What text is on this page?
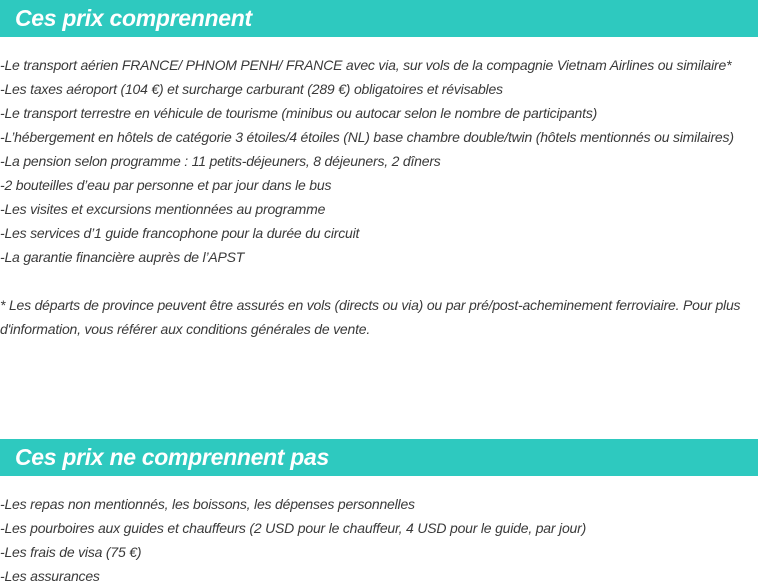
Ces prix comprennent
-Le transport aérien FRANCE/ PHNOM PENH/ FRANCE avec via, sur vols de la compagnie Vietnam Airlines ou similaire*
-Les taxes aéroport (104 €) et surcharge carburant (289 €) obligatoires et révisables
-Le transport terrestre en véhicule de tourisme (minibus ou autocar selon le nombre de participants)
-L’hébergement en hôtels de catégorie 3 étoiles/4 étoiles (NL) base chambre double/twin (hôtels mentionnés ou similaires)
-La pension selon programme : 11 petits-déjeuners, 8 déjeuners, 2 dîners
-2 bouteilles d’eau par personne et par jour dans le bus
-Les visites et excursions mentionnées au programme
-Les services d’1 guide francophone pour la durée du circuit
-La garantie financière auprès de l’APST
* Les départs de province peuvent être assurés en vols (directs ou via) ou par pré/post-acheminement ferroviaire. Pour plus d'information, vous référer aux conditions générales de vente.
Ces prix ne comprennent pas
-Les repas non mentionnés, les boissons, les dépenses personnelles
-Les pourboires aux guides et chauffeurs (2 USD pour le chauffeur, 4 USD pour le guide, par jour)
-Les frais de visa (75 €)
-Les assurances
